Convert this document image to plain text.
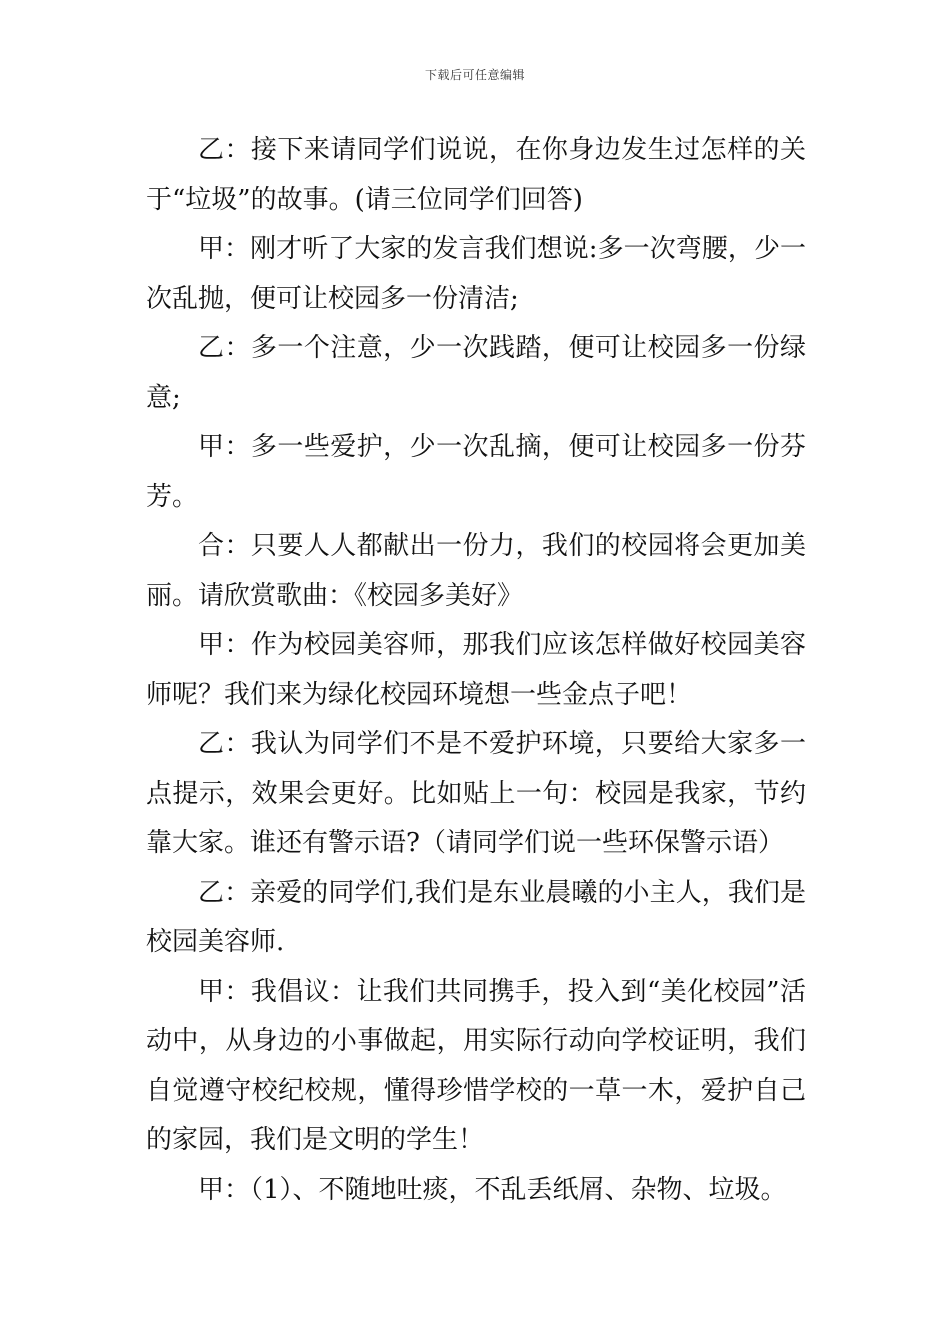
下载后可任意编辑

乙：接下来请同学们说说，在你身边发生过怎样的关于“垃圾”的故事。(请三位同学们回答)

甲：刚才听了大家的发言我们想说:多一次弯腰，少一次乱抛，便可让校园多一份清洁;

乙：多一个注意，少一次践踏，便可让校园多一份绿意;

甲：多一些爱护，少一次乱摘，便可让校园多一份芬芳。

合：只要人人都献出一份力，我们的校园将会更加美丽。请欣赏歌曲：《校园多美好》

甲：作为校园美容师，那我们应该怎样做好校园美容师呢？我们来为绿化校园环境想一些金点子吧！

乙：我认为同学们不是不爱护环境，只要给大家多一点提示，效果会更好。比如贴上一句：校园是我家，节约靠大家。谁还有警示语?（请同学们说一些环保警示语）

乙：亲爱的同学们,我们是东业晨曦的小主人，我们是校园美容师.

甲：我倡议：让我们共同携手，投入到“美化校园”活动中，从身边的小事做起，用实际行动向学校证明，我们自觉遵守校纪校规，懂得珍惜学校的一草一木，爱护自己的家园，我们是文明的学生！

甲：（1）、不随地吐痰，不乱丢纸屑、杂物、垃圾。
